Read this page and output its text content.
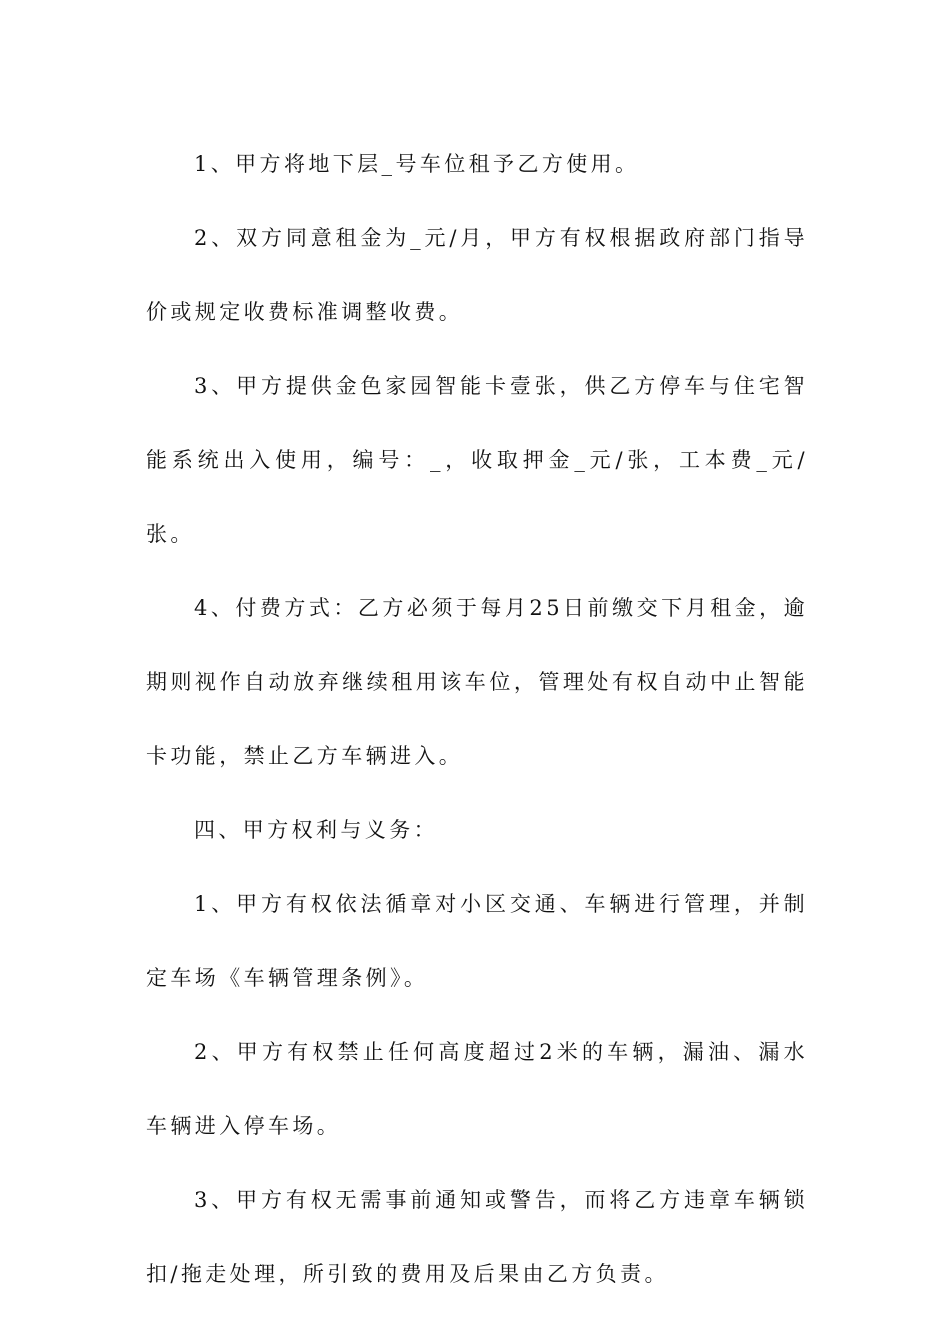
1、甲方将地下层_号车位租予乙方使用。

2、双方同意租金为_元/月，甲方有权根据政府部门指导价或规定收费标准调整收费。

3、甲方提供金色家园智能卡壹张，供乙方停车与住宅智能系统出入使用，编号：_，收取押金_元/张，工本费_元/张。

4、付费方式：乙方必须于每月25日前缴交下月租金，逾期则视作自动放弃继续租用该车位，管理处有权自动中止智能卡功能，禁止乙方车辆进入。

四、甲方权利与义务：

1、甲方有权依法循章对小区交通、车辆进行管理，并制定车场《车辆管理条例》。

2、甲方有权禁止任何高度超过2米的车辆，漏油、漏水车辆进入停车场。

3、甲方有权无需事前通知或警告，而将乙方违章车辆锁扣/拖走处理，所引致的费用及后果由乙方负责。
